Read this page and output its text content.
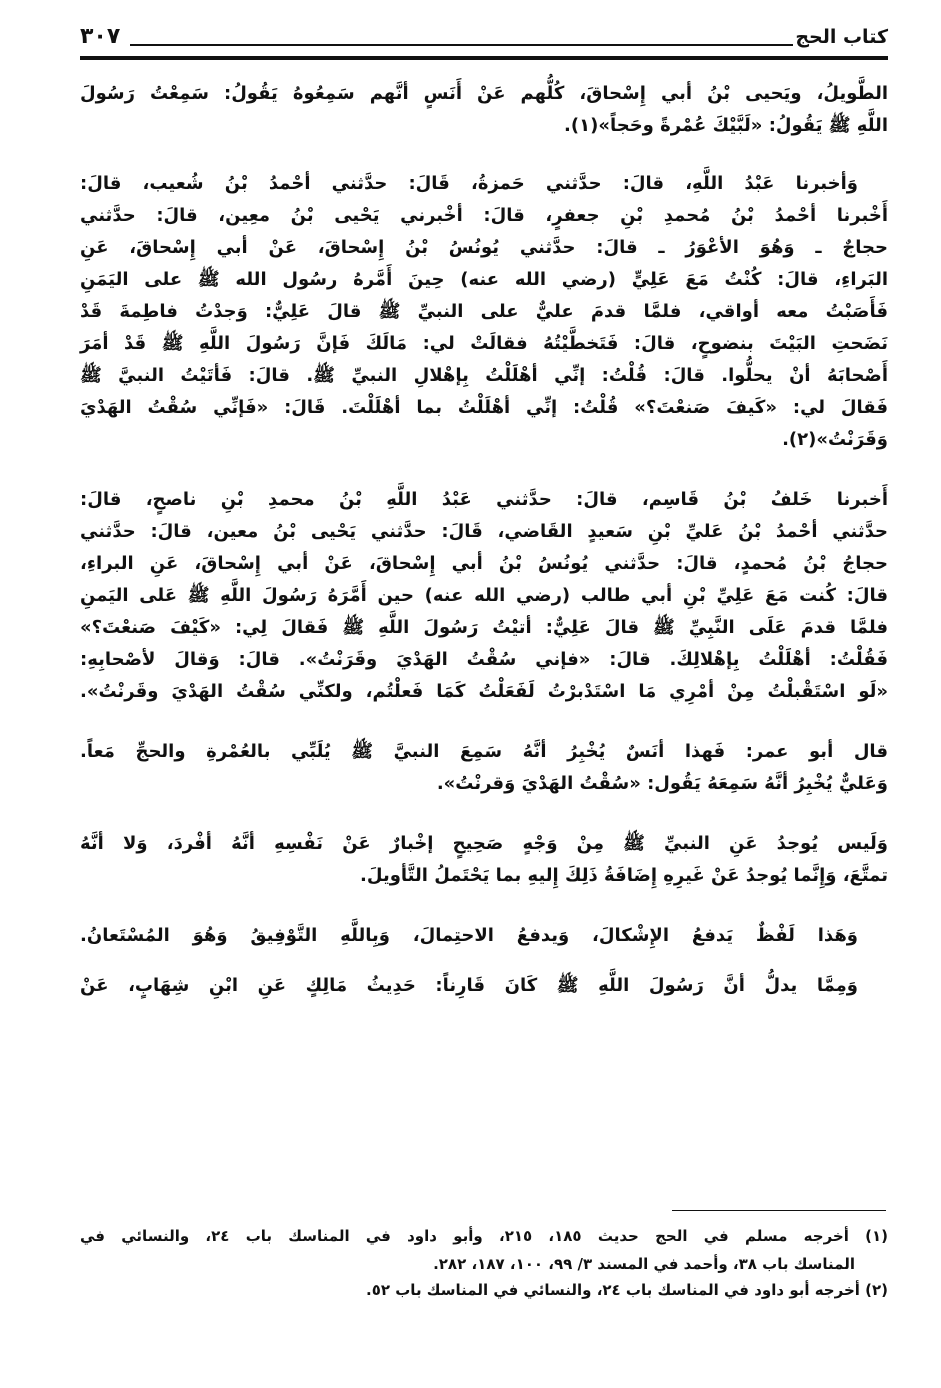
كتاب الحج
٣٠٧
الطَّويلُ، ويَحيى بْنُ أبي إِسْحاقَ، كُلُّهم عَنْ أَنَسٍ أنَّهم سَمِعُوهُ يَقُولُ: سَمِعْتُ رَسُولَ
اللَّهِ ﷺ يَقُولُ: «لَبَّيْكَ عُمْرةً وحَجاً»(١).
وَأخبرنا عَبْدُ اللَّهِ، قالَ: حدَّثني حَمزةُ، قَالَ: حدَّثني أحْمدُ بْنُ شُعيب، قالَ:
أَخْبرنا أحْمدُ بْنُ مُحمدِ بْنِ جعفرٍ، قالَ: أخْبرني يَحْيى بْنُ معِين، قالَ: حدَّثني
حجاجٌ ـ وَهُوَ الأعْوَرُ ـ قالَ: حدَّثني يُونُسُ بْنُ إِسْحاقَ، عَنْ أبي إِسْحاقَ، عَنِ
البَراءِ، قالَ: كُنْتُ مَعَ عَلِيٍّ (رضي الله عنه) حِينَ أَمَّرهُ رسُول الله ﷺ على اليَمَنِ
فَأَصَبْتُ معه أواقي، فلمَّا قدمَ عليٌّ على النبيِّ ﷺ قالَ عَلِيٌّ: وَجدْتُ فاطِمةَ قَدْ
نَضَحتِ البَيْتَ بنضوحٍ، قالَ: فَتَخطَّيْتُهُ فقالَتْ لي: مَالَكَ فَإنَّ رَسُولَ اللَّهِ ﷺ قَدْ أمَرَ
أَصْحابَهُ أنْ يحلُّوا. قالَ: قُلْتُ: إنِّي أهْلَلْتُ بِإهْلالِ النبيِّ ﷺ. قالَ: فَأتَيْتُ النبيَّ ﷺ
فَقالَ لي: «كَيفَ صَنعْتَ؟» قُلْتُ: إنِّي أهْلَلْتُ بما أهْلَلْتَ. قَالَ: «فَإنِّي سُقْتُ الهَدْيَ
وَقَرَنْتُ»(٢).
أَخبرنا خَلفُ بْنُ قَاسِم، قالَ: حدَّثني عَبْدُ اللَّهِ بْنُ محمدِ بْنِ ناصحٍ، قالَ:
حدَّثني أحْمدُ بْنُ عَليِّ بْنِ سَعيدٍ القَاضي، قَالَ: حدَّثني يَحْيى بْنُ معين، قالَ: حدَّثني
حجاجُ بْنُ مُحمدٍ، قالَ: حدَّثني يُونُسُ بْنُ أبي إِسْحاقَ، عَنْ أبي إِسْحاقَ، عَنِ البراءِ،
قالَ: كُنت مَعَ عَلِيِّ بْنِ أبي طالب (رضي الله عنه) حين أَمَّرَهُ رَسُولَ اللَّهِ ﷺ عَلى اليَمنِ
فلمَّا قدمَ عَلَى النَّبِيِّ ﷺ قالَ عَلِيٌّ: أتيْتُ رَسُولَ اللَّهِ ﷺ فَقالَ لِي: «كَيْفَ صَنعْتَ؟»
فَقُلْتُ: أهْلَلْتُ بِإهْلالِكَ. قالَ: «فإني سُقْتُ الهَدْيَ وقَرَنْتُ». قالَ: وَقالَ لأصْحابِهِ:
«لَو اسْتَقْبلْتُ مِنْ أمْرِي مَا اسْتَدْبرْتُ لَفَعَلْتُ كَمَا فَعلْتُم، ولكنِّي سُقْتُ الهَدْيَ وقَرنْتُ».
قال أبو عمر: فَهذا أنَسٌ يُخْبِرُ أنَّهُ سَمِعَ النبيَّ ﷺ يُلَبِّي بالعُمْرةِ والحجِّ مَعاً.
وَعَليٌّ يُخْبِرُ أنَّهُ سَمِعَهُ يَقُول: «سُقْتُ الهَدْيَ وَقرنْتُ».
وَلَيس يُوجدُ عَنِ النبيِّ ﷺ مِنْ وَجْهٍ صَحِيحٍ إخْبارٌ عَنْ نَفْسِهِ أنَّهُ أفْردَ، وَلا أنَّهُ
تمتَّعَ، وَإِنَّما يُوجدُ عَنْ غَيرِهِ إِضَافَةُ ذَلِكَ إِليهِ بما يَحْتَملُ التَّأويلَ.
وَهَذا لَفْظٌ يَدفعُ الإِشْكالَ، وَيدفعُ الاحتِمالَ، وَبِاللَّهِ التَّوْفِيقُ وَهُوَ المُسْتَعانُ.
وَمِمَّا يدلُّ أنَّ رَسُولَ اللَّهِ ﷺ كَانَ قَارِناً: حَدِيثُ مَالِكٍ عَنِ ابْنِ شِهَابٍ، عَنْ
(١) أخرجه مسلم في الحج حديث ١٨٥، ٢١٥، وأبو داود في المناسك باب ٢٤، والنسائي في
المناسك باب ٣٨، وأحمد في المسند ٣/ ٩٩، ١٠٠، ١٨٧، ٢٨٢.
(٢) أخرجه أبو داود في المناسك باب ٢٤، والنسائي في المناسك باب ٥٢.
